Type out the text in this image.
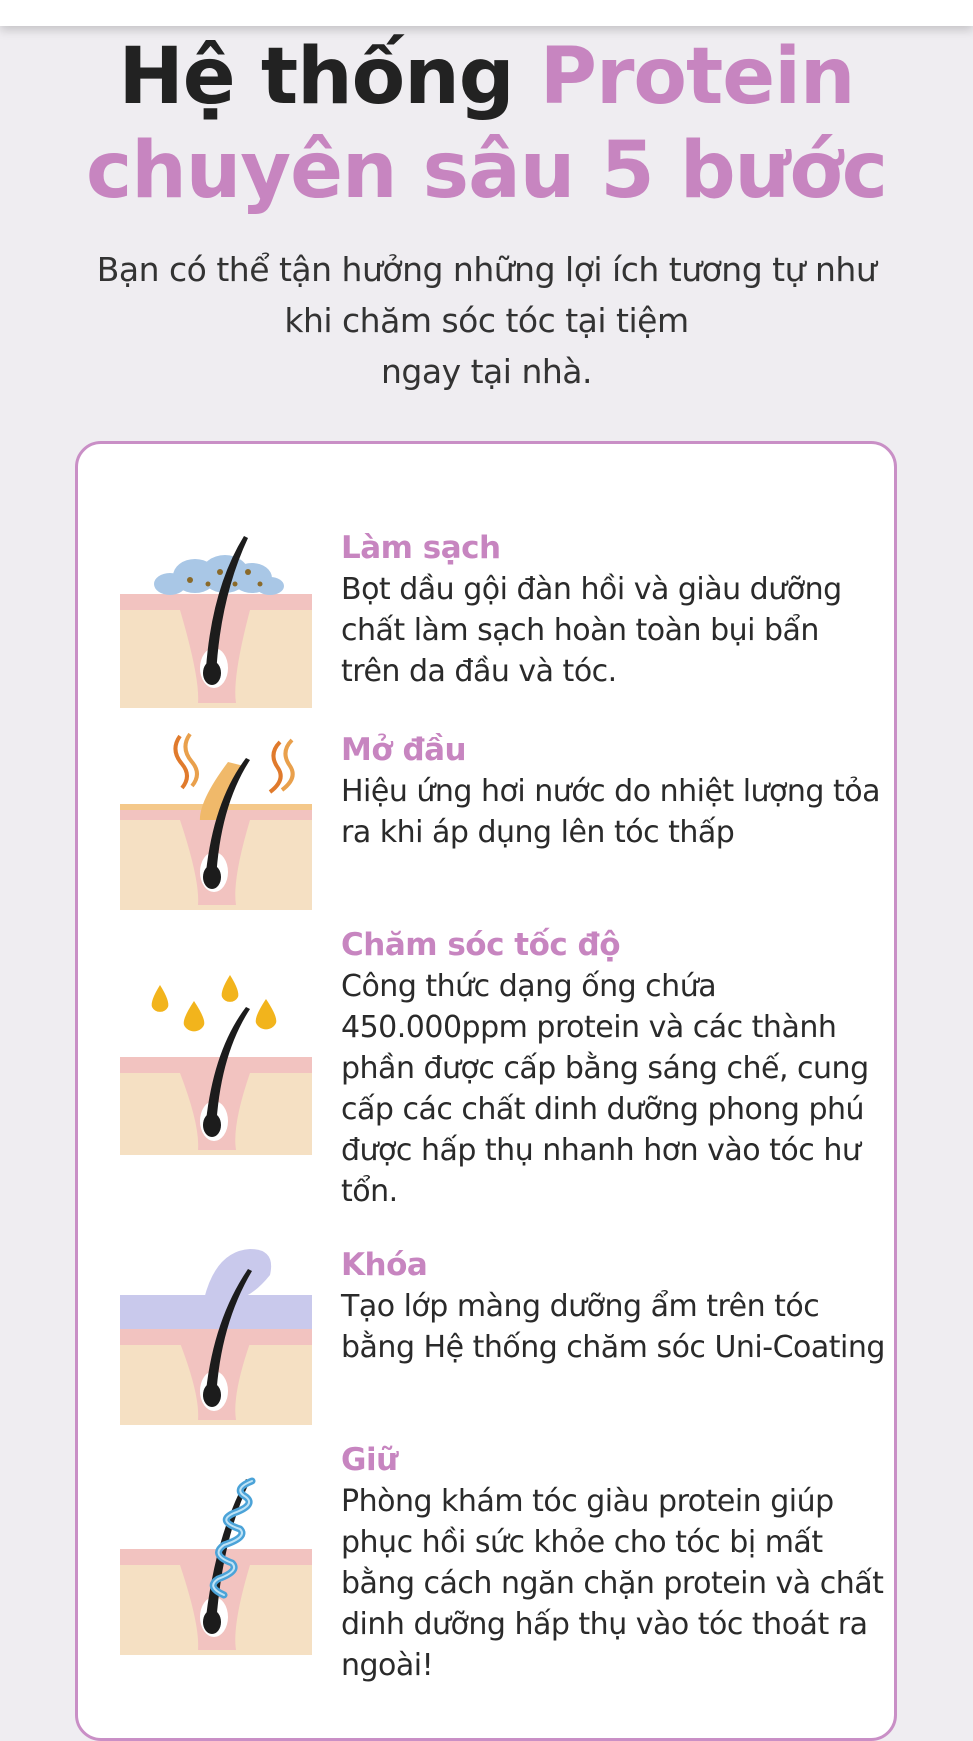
Hệ thống Protein
chuyên sâu 5 bước

Bạn có thể tận hưởng những lợi ích tương tự như
khi chăm sóc tóc tại tiệm
ngay tại nhà.

Làm sạch

Bọt dầu gội đàn hồi và giàu dưỡng chất làm sạch hoàn toàn bụi bẩn trên da đầu và tóc.

Mở đầu

Hiệu ứng hơi nước do nhiệt lượng tỏa ra khi áp dụng lên tóc thấp

Chăm sóc tốc độ

Công thức dạng ống chứa 450.000ppm protein và các thành phần được cấp bằng sáng chế, cung cấp các chất dinh dưỡng phong phú được hấp thụ nhanh hơn vào tóc hư tổn.

Khóa

Tạo lớp màng dưỡng ẩm trên tóc bằng Hệ thống chăm sóc Uni-Coating

Giữ

Phòng khám tóc giàu protein giúp phục hồi sức khỏe cho tóc bị mất bằng cách ngăn chặn protein và chất dinh dưỡng hấp thụ vào tóc thoát ra ngoài!
